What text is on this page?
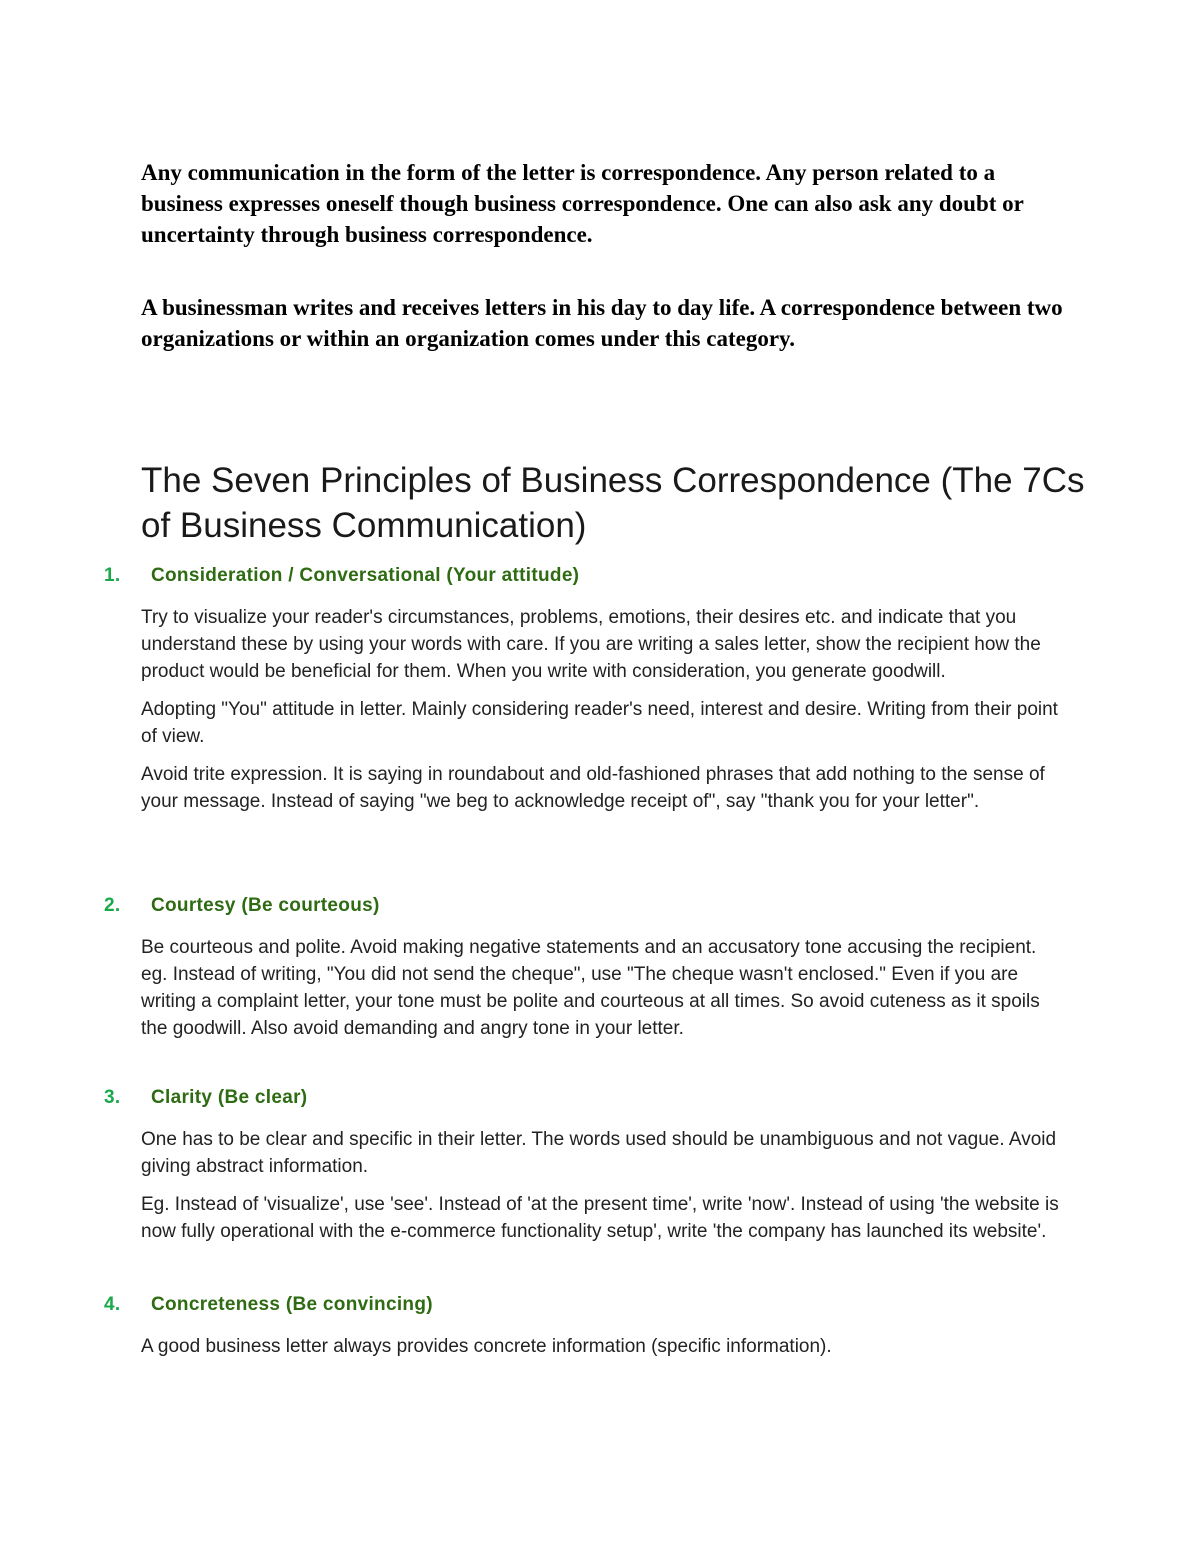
Any communication in the form of the letter is correspondence. Any person related to a business expresses oneself though business correspondence. One can also ask any doubt or uncertainty through business correspondence.

A businessman writes and receives letters in his day to day life. A correspondence between two organizations or within an organization comes under this category.

The Seven Principles of Business Correspondence (The 7Cs of Business Communication)
1. Consideration / Conversational (Your attitude)
Try to visualize your reader's circumstances, problems, emotions, their desires etc. and indicate that you understand these by using your words with care. If you are writing a sales letter, show the recipient how the product would be beneficial for them. When you write with consideration, you generate goodwill.
Adopting "You" attitude in letter. Mainly considering reader's need, interest and desire. Writing from their point of view.
Avoid trite expression. It is saying in roundabout and old-fashioned phrases that add nothing to the sense of your message. Instead of saying "we beg to acknowledge receipt of", say "thank you for your letter".
2. Courtesy (Be courteous)
Be courteous and polite. Avoid making negative statements and an accusatory tone accusing the recipient. eg. Instead of writing, "You did not send the cheque", use "The cheque wasn't enclosed." Even if you are writing a complaint letter, your tone must be polite and courteous at all times. So avoid cuteness as it spoils the goodwill. Also avoid demanding and angry tone in your letter.
3. Clarity (Be clear)
One has to be clear and specific in their letter. The words used should be unambiguous and not vague. Avoid giving abstract information.
Eg. Instead of 'visualize', use 'see'. Instead of 'at the present time', write 'now'. Instead of using 'the website is now fully operational with the e-commerce functionality setup', write 'the company has launched its website'.
4. Concreteness (Be convincing)
A good business letter always provides concrete information (specific information).
